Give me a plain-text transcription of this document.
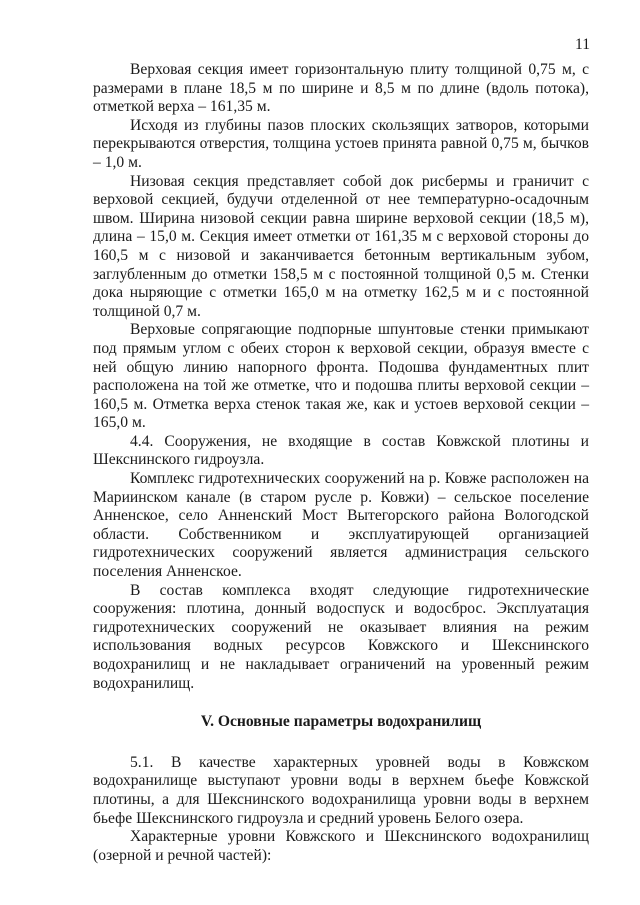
11

Верховая секция имеет горизонтальную плиту толщиной 0,75 м, с размерами в плане 18,5 м по ширине и 8,5 м по длине (вдоль потока), отметкой верха – 161,35 м.

Исходя из глубины пазов плоских скользящих затворов, которыми перекрываются отверстия, толщина устоев принята равной 0,75 м, бычков – 1,0 м.

Низовая секция представляет собой док рисбермы и граничит с верховой секцией, будучи отделенной от нее температурно-осадочным швом. Ширина низовой секции равна ширине верховой секции (18,5 м), длина – 15,0 м. Секция имеет отметки от 161,35 м с верховой стороны до 160,5 м с низовой и заканчивается бетонным вертикальным зубом, заглубленным до отметки 158,5 м с постоянной толщиной 0,5 м. Стенки дока ныряющие с отметки 165,0 м на отметку 162,5 м и с постоянной толщиной 0,7 м.

Верховые сопрягающие подпорные шпунтовые стенки примыкают под прямым углом с обеих сторон к верховой секции, образуя вместе с ней общую линию напорного фронта. Подошва фундаментных плит расположена на той же отметке, что и подошва плиты верховой секции – 160,5 м. Отметка верха стенок такая же, как и устоев верховой секции – 165,0 м.

4.4. Сооружения, не входящие в состав Ковжской плотины и Шекснинского гидроузла.

Комплекс гидротехнических сооружений на р. Ковже расположен на Мариинском канале (в старом русле р. Ковжи) – сельское поселение Анненское, село Анненский Мост Вытегорского района Вологодской области. Собственником и эксплуатирующей организацией гидротехнических сооружений является администрация сельского поселения Анненское.

В состав комплекса входят следующие гидротехнические сооружения: плотина, донный водоспуск и водосброс. Эксплуатация гидротехнических сооружений не оказывает влияния на режим использования водных ресурсов Ковжского и Шекснинского водохранилищ и не накладывает ограничений на уровенный режим водохранилищ.

V. Основные параметры водохранилищ

5.1. В качестве характерных уровней воды в Ковжском водохранилище выступают уровни воды в верхнем бьефе Ковжской плотины, а для Шекснинского водохранилища уровни воды в верхнем бьефе Шекснинского гидроузла и средний уровень Белого озера.

Характерные уровни Ковжского и Шекснинского водохранилищ (озерной и речной частей):
